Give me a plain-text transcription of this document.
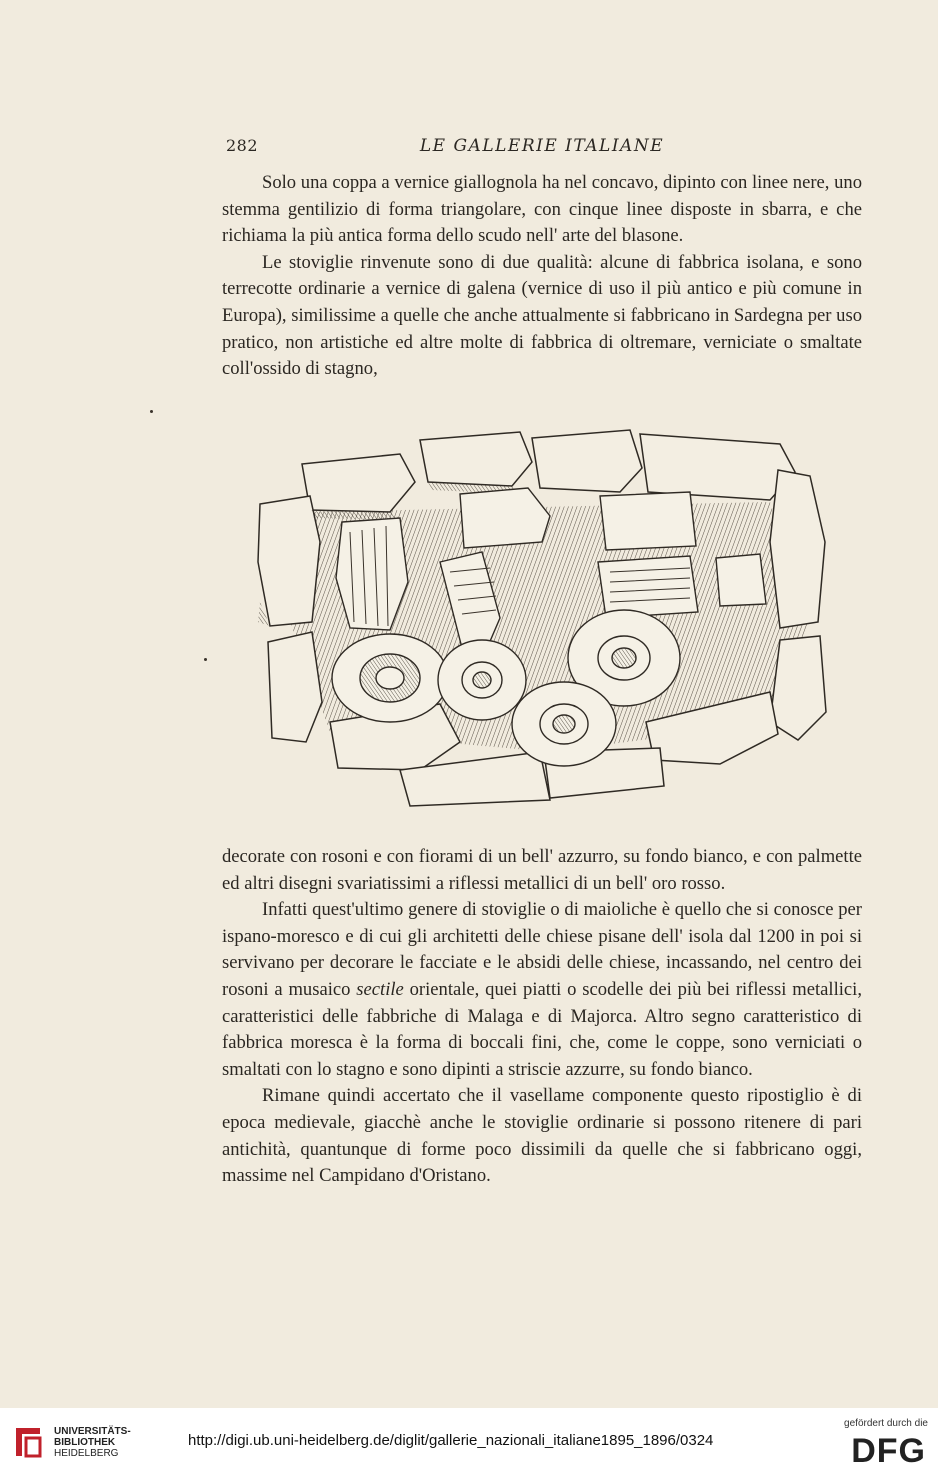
282	LE GALLERIE ITALIANE

Solo una coppa a vernice giallognola ha nel concavo, dipinto con linee nere, uno stemma gentilizio di forma triangolare, con cinque linee disposte in sbarra, e che richiama la più antica forma dello scudo nell' arte del blasone.

Le stoviglie rinvenute sono di due qualità: alcune di fabbrica isolana, e sono terrecotte ordinarie a vernice di galena (vernice di uso il più antico e più comune in Europa), similissime a quelle che anche attualmente si fabbricano in Sardegna per uso pratico, non artistiche ed altre molte di fabbrica di oltremare, verniciate o smaltate coll'ossido di stagno,

decorate con rosoni e con fiorami di un bell' azzurro, su fondo bianco, e con palmette ed altri disegni svariatissimi a riflessi metallici di un bell' oro rosso.

Infatti quest'ultimo genere di stoviglie o di maioliche è quello che si conosce per ispano-moresco e di cui gli architetti delle chiese pisane dell' isola dal 1200 in poi si servivano per decorare le facciate e le absidi delle chiese, incassando, nel centro dei rosoni a musaico sectile orientale, quei piatti o scodelle dei più bei riflessi metallici, caratteristici delle fabbriche di Malaga e di Majorca. Altro segno caratteristico di fabbrica moresca è la forma di boccali fini, che, come le coppe, sono verniciati o smaltati con lo stagno e sono dipinti a striscie azzurre, su fondo bianco.

Rimane quindi accertato che il vasellame componente questo ripostiglio è di epoca medievale, giacchè anche le stoviglie ordinarie si possono ritenere di pari antichità, quantunque di forme poco dissimili da quelle che si fabbricano oggi, massime nel Campidano d'Oristano.

UNIVERSITÄTS-
BIBLIOTHEK
HEIDELBERG
http://digi.ub.uni-heidelberg.de/diglit/gallerie_nazionali_italiane1895_1896/0324
gefördert durch die
DFG
